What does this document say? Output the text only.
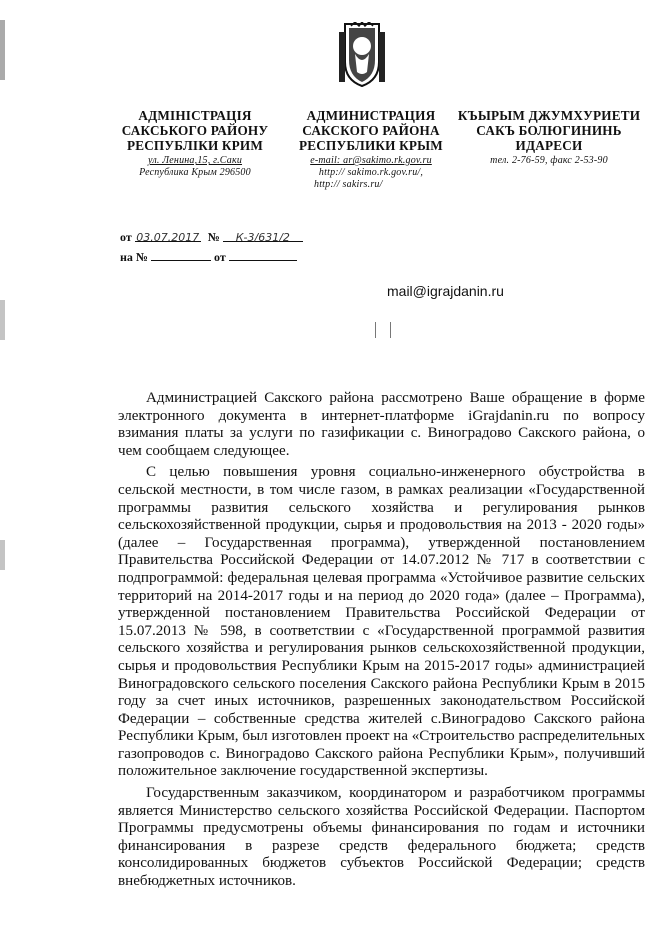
АДМІНІСТРАЦІЯ
САКСЬКОГО РАЙОНУ
РЕСПУБЛІКИ КРИМ
ул. Ленина,15, г.Саки
Республика Крым 296500
АДМИНИСТРАЦИЯ
САКСКОГО РАЙОНА
РЕСПУБЛИКИ КРЫМ
e-mail: ar@sakimo.rk.gov.ru
http:// sakimo.rk.gov.ru/,
http:// sakirs.ru/
КЪЫРЫМ ДЖУМХУРИЕТИ
САКЪ БОЛЮГИНИНЬ
ИДАРЕСИ
тел. 2-76-59, факс 2-53-90
от 03.07.2017 № К-3/631/2
на №	от
mail@igrajdanin.ru

Администрацией Сакского района рассмотрено Ваше обращение в форме электронного документа в интернет-платформе iGrajdanin.ru по вопросу взимания платы за услуги по газификации с. Виноградово Сакского района, о чем сообщаем следующее.

С целью повышения уровня социально-инженерного обустройства в сельской местности, в том числе газом, в рамках реализации «Государственной программы развития сельского хозяйства и регулирования рынков сельскохозяйственной продукции, сырья и продовольствия на 2013 - 2020 годы» (далее – Государственная программа), утвержденной постановлением Правительства Российской Федерации от 14.07.2012 № 717 в соответствии с подпрограммой: федеральная целевая программа «Устойчивое развитие сельских территорий на 2014-2017 годы и на период до 2020 года» (далее – Программа), утвержденной постановлением Правительства Российской Федерации от 15.07.2013 № 598, в соответствии с «Государственной программой развития сельского хозяйства и регулирования рынков сельскохозяйственной продукции, сырья и продовольствия Республики Крым на 2015-2017 годы» администрацией Виноградовского сельского поселения Сакского района Республики Крым в 2015 году за счет иных источников, разрешенных законодательством Российской Федерации – собственные средства жителей с.Виноградово Сакского района Республики Крым, был изготовлен проект на «Строительство распределительных газопроводов с. Виноградово Сакского района Республики Крым», получивший положительное заключение государственной экспертизы.

Государственным заказчиком, координатором и разработчиком программы является Министерство сельского хозяйства Российской Федерации. Паспортом Программы предусмотрены объемы финансирования по годам и источники финансирования в разрезе средств федерального бюджета; средств консолидированных бюджетов субъектов Российской Федерации; средств внебюджетных источников.
